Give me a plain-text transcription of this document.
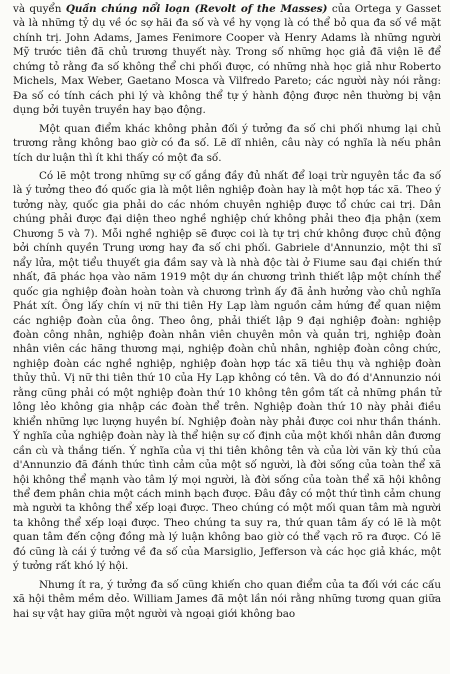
và quyển Quần chúng nổi loạn (Revolt of the Masses) của Ortega y Gasset và là những tỷ dụ về óc sợ hãi đa số và về hy vọng là có thể bỏ qua đa số về mặt chính trị. John Adams, James Fenimore Cooper và Henry Adams là những người Mỹ trước tiên đã chủ trương thuyết này. Trong số những học giả đã viện lẽ để chứng tỏ rằng đa số không thể chi phối được, có những nhà học giả như Roberto Michels, Max Weber, Gaetano Mosca và Vilfredo Pareto; các người này nói rằng: Đa số có tính cách phi lý và không thể tự ý hành động được nên thường bị vận dụng bởi tuyên truyền hay bạo động.

Một quan điểm khác không phản đối ý tưởng đa số chi phối nhưng lại chủ trương rằng không bao giờ có đa số. Lẽ dĩ nhiên, câu này có nghĩa là nếu phân tích dư luận thì ít khi thấy có một đa số.

Có lẽ một trong những sự cố gắng đầy đủ nhất để loại trừ nguyên tắc đa số là ý tưởng theo đó quốc gia là một liên nghiệp đoàn hay là một hợp tác xã. Theo ý tưởng này, quốc gia phải do các nhóm chuyên nghiệp được tổ chức cai trị. Dân chúng phải được đại diện theo nghề nghiệp chứ không phải theo địa phận (xem Chương 5 và 7). Mỗi nghề nghiệp sẽ được coi là tự trị chứ không được chủ động bởi chính quyền Trung ương hay đa số chi phối. Gabriele d'Annunzio, một thi sĩ nẩy lửa, một tiểu thuyết gia đầm say và là nhà độc tài ở Fiume sau đại chiến thứ nhất, đã phác họa vào năm 1919 một dự án chương trình thiết lập một chính thể quốc gia nghiệp đoàn hoàn toàn và chương trình ấy đã ảnh hưởng vào chủ nghĩa Phát xít. Ông lấy chín vị nữ thi tiên Hy Lạp làm nguồn cảm hứng để quan niệm các nghiệp đoàn của ông. Theo ông, phải thiết lập 9 đại nghiệp đoàn: nghiệp đoàn công nhân, nghiệp đoàn nhân viên chuyên môn và quản trị, nghiệp đoàn nhân viên các hãng thương mại, nghiệp đoàn chủ nhân, nghiệp đoàn công chức, nghiệp đoàn các nghề nghiệp, nghiệp đoàn hợp tác xã tiêu thụ và nghiệp đoàn thủy thủ. Vị nữ thi tiên thứ 10 của Hy Lạp không có tên. Và do đó d'Annunzio nói rằng cũng phải có một nghiệp đoàn thứ 10 không tên gồm tất cả những phần tử lông lẻo không gia nhập các đoàn thể trên. Nghiệp đoàn thứ 10 này phải điều khiển những lực lượng huyền bí. Nghiệp đoàn này phải được coi như thần thánh. Ý nghĩa của nghiệp đoàn này là thể hiện sự cố định của một khối nhân dân đương cần cù và thắng tiến. Ý nghĩa của vị thi tiên không tên và của lời văn kỳ thú của d'Annunzio đã đánh thức tình cảm của một số người, là đời sống của toàn thể xã hội không thể mạnh vào tâm lý mọi người, là đời sống của toàn thể xã hội không thể đem phân chia một cách minh bạch được. Đâu đây có một thứ tình cảm chung mà người ta không thể xếp loại được. Theo chúng có một mối quan tâm mà người ta không thể xếp loại được. Theo chúng ta suy ra, thứ quan tâm ấy có lẽ là một quan tâm đến cộng đồng mà lý luận không bao giờ có thể vạch rõ ra được. Có lẽ đó cũng là cái ý tưởng về đa số của Marsiglio, Jefferson và các học giả khác, một ý tưởng rất khó lý hội.

Nhưng ít ra, ý tưởng đa số cũng khiến cho quan điểm của ta đối với các cấu xã hội thêm mềm dẻo. William James đã một lần nói rằng những tương quan giữa hai sự vật hay giữa một người và ngoại giới không bao
